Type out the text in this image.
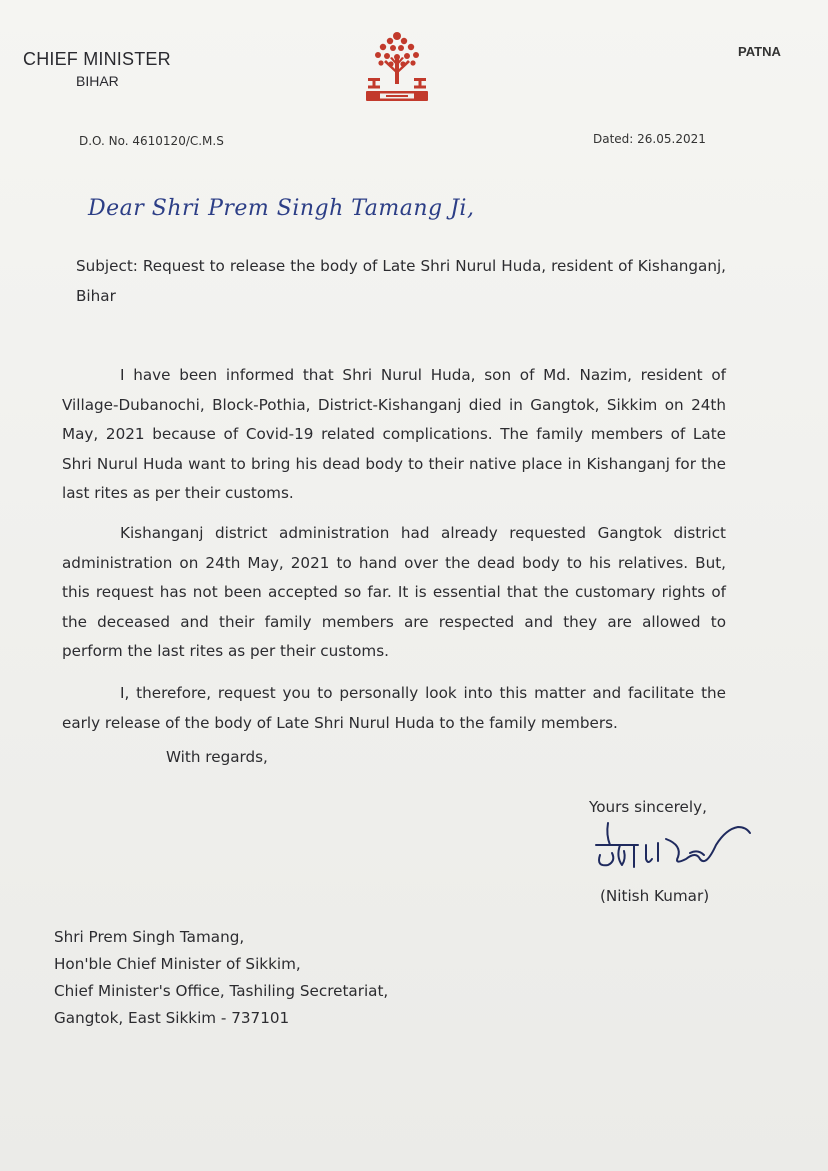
CHIEF MINISTER
BIHAR
PATNA
D.O. No. 4610120/C.M.S	Dated: 26.05.2021
Dear Shri Prem Singh Tamang Ji,
Subject: Request to release the body of Late Shri Nurul Huda, resident of Kishanganj, Bihar
I have been informed that Shri Nurul Huda, son of Md. Nazim, resident of Village-Dubanochi, Block-Pothia, District-Kishanganj died in Gangtok, Sikkim on 24th May, 2021 because of Covid-19 related complications. The family members of Late Shri Nurul Huda want to bring his dead body to their native place in Kishanganj for the last rites as per their customs.
Kishanganj district administration had already requested Gangtok district administration on 24th May, 2021 to hand over the dead body to his relatives. But, this request has not been accepted so far. It is essential that the customary rights of the deceased and their family members are respected and they are allowed to perform the last rites as per their customs.
I, therefore, request you to personally look into this matter and facilitate the early release of the body of Late Shri Nurul Huda to the family members.
With regards,
Yours sincerely,
(Nitish Kumar)
Shri Prem Singh Tamang,
Hon'ble Chief Minister of Sikkim,
Chief Minister's Office, Tashiling Secretariat,
Gangtok, East Sikkim - 737101
